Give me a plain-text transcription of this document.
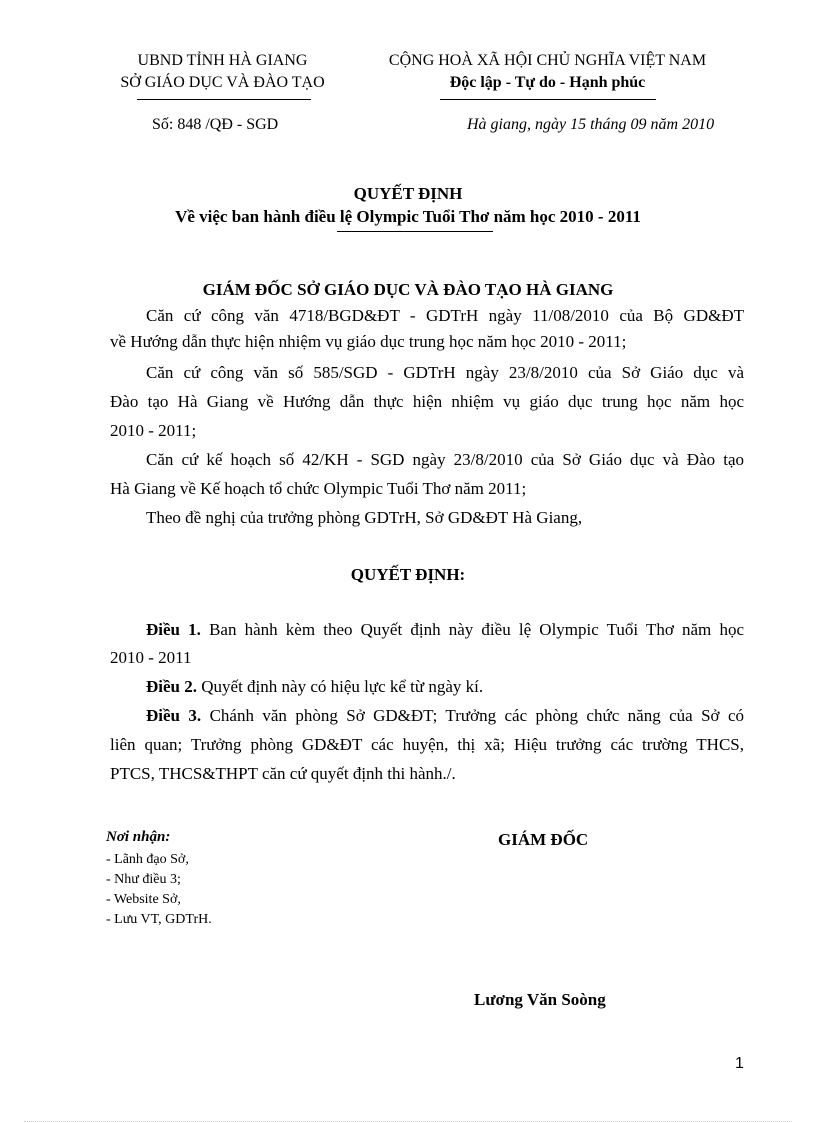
UBND TỈNH HÀ GIANG
SỞ GIÁO DỤC VÀ ĐÀO TẠO
CỘNG HOÀ XÃ HỘI CHỦ NGHĨA VIỆT NAM
Độc lập - Tự do - Hạnh phúc
Số: 848 /QĐ - SGD	Hà giang, ngày 15 tháng 09 năm 2010
QUYẾT ĐỊNH
Về việc ban hành điều lệ Olympic Tuổi Thơ năm học 2010 - 2011
GIÁM ĐỐC SỞ GIÁO DỤC VÀ ĐÀO TẠO HÀ GIANG
Căn cứ công văn 4718/BGD&ĐT - GDTrH ngày 11/08/2010 của Bộ GD&ĐT
về Hướng dẫn thực hiện nhiệm vụ giáo dục trung học năm học 2010 - 2011;
Căn cứ công văn số 585/SGD - GDTrH ngày 23/8/2010 của Sở Giáo dục và
Đào tạo Hà Giang về Hướng dẫn thực hiện nhiệm vụ giáo dục trung học năm học
2010 - 2011;
Căn cứ kế hoạch số 42/KH - SGD ngày 23/8/2010 của Sở Giáo dục và Đào tạo
Hà Giang về Kế hoạch tổ chức Olympic Tuổi Thơ năm 2011;
Theo đề nghị của trưởng phòng GDTrH, Sở GD&ĐT Hà Giang,
QUYẾT ĐỊNH:
Điều 1. Ban hành kèm theo Quyết định này điều lệ Olympic Tuổi Thơ năm học
2010 - 2011
Điều 2. Quyết định này có hiệu lực kể từ ngày kí.
Điều 3. Chánh văn phòng Sở GD&ĐT; Trưởng các phòng chức năng của Sở có
liên quan; Trưởng phòng GD&ĐT các huyện, thị xã; Hiệu trưởng các trường THCS,
PTCS, THCS&THPT căn cứ quyết định thi hành./.
Nơi nhận:
- Lãnh đạo Sở,
- Như điều 3;
- Website Sở,
- Lưu VT, GDTrH.
GIÁM ĐỐC
Lương Văn Soòng
1
